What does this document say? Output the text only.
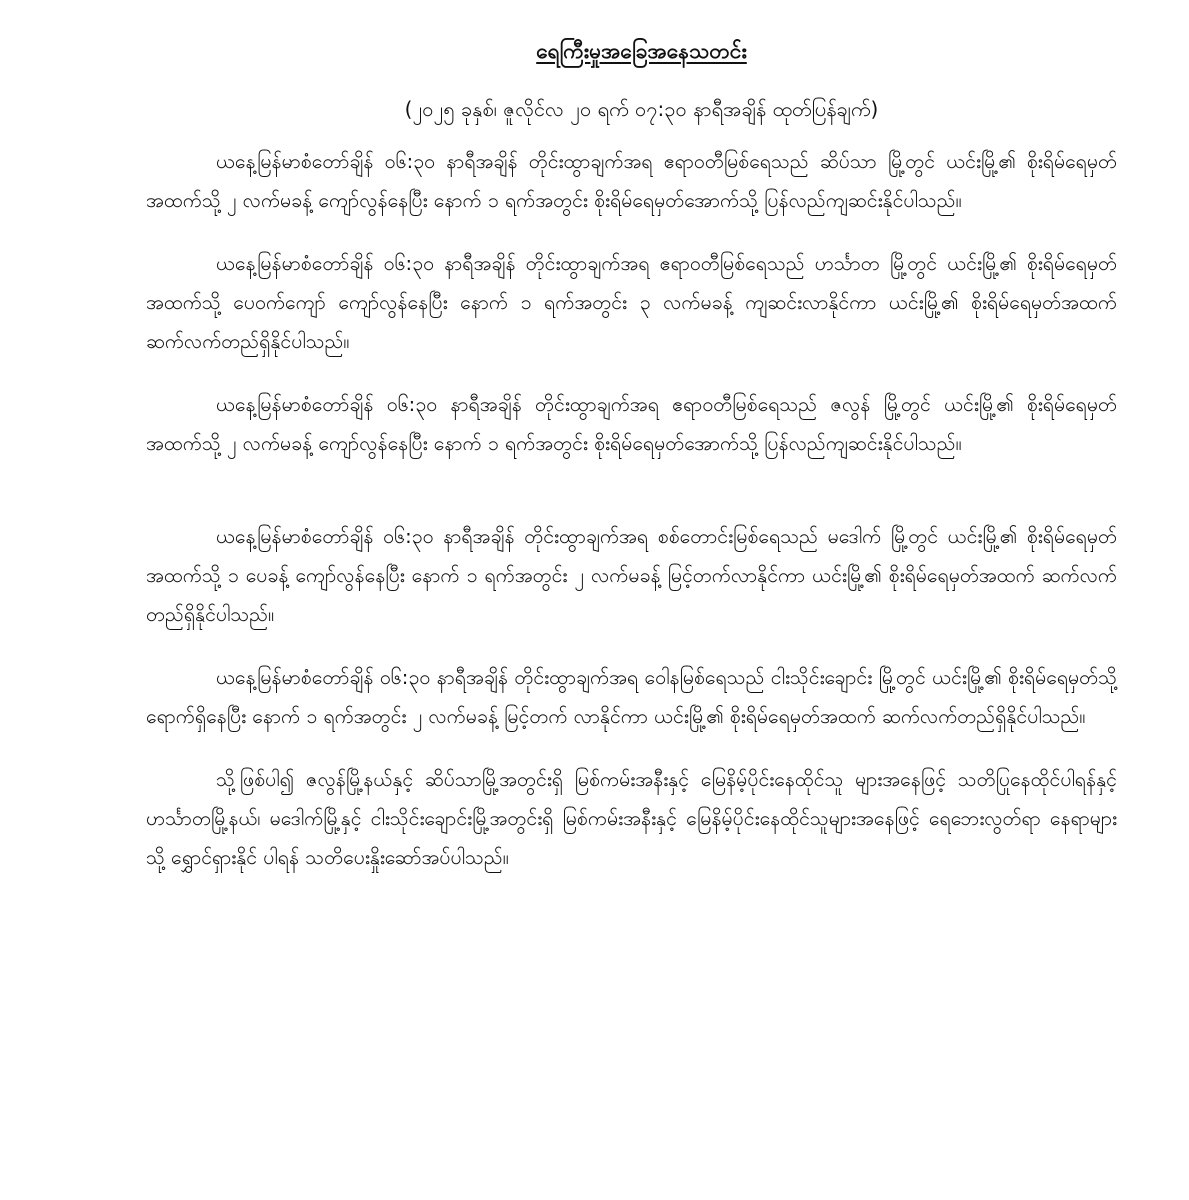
ရေကြီးမှုအခြေအနေသတင်း
(၂၀၂၅ ခုနှစ်၊ ဇူလိုင်လ ၂၀ ရက် ၀၇:၃၀ နာရီအချိန် ထုတ်ပြန်ချက်)

ယနေ့မြန်မာစံတော်ချိန် ၀၆:၃၀ နာရီအချိန် တိုင်းထွာချက်အရ ဧရာဝတီမြစ်ရေသည် ဆိပ်သာ မြို့တွင် ယင်းမြို့၏ စိုးရိမ်ရေမှတ်အထက်သို့ ၂ လက်မခန့် ကျော်လွန်နေပြီး နောက် ၁ ရက်အတွင်း စိုးရိမ်ရေမှတ်အောက်သို့ ပြန်လည်ကျဆင်းနိုင်ပါသည်။

ယနေ့မြန်မာစံတော်ချိန် ၀၆:၃၀ နာရီအချိန် တိုင်းထွာချက်အရ ဧရာဝတီမြစ်ရေသည် ဟင်္သာတ မြို့တွင် ယင်းမြို့၏ စိုးရိမ်ရေမှတ်အထက်သို့ ပေ၀က်ကျော် ကျော်လွန်နေပြီး နောက် ၁ ရက်အတွင်း ၃ လက်မခန့် ကျဆင်းလာနိုင်ကာ ယင်းမြို့၏ စိုးရိမ်ရေမှတ်အထက် ဆက်လက်တည်ရှိနိုင်ပါသည်။

ယနေ့မြန်မာစံတော်ချိန် ၀၆:၃၀ နာရီအချိန် တိုင်းထွာချက်အရ ဧရာဝတီမြစ်ရေသည် ဇလွန် မြို့တွင် ယင်းမြို့၏ စိုးရိမ်ရေမှတ်အထက်သို့ ၂ လက်မခန့် ကျော်လွန်နေပြီး နောက် ၁ ရက်အတွင်း စိုးရိမ်ရေမှတ်အောက်သို့ ပြန်လည်ကျဆင်းနိုင်ပါသည်။

ယနေ့မြန်မာစံတော်ချိန် ၀၆:၃၀ နာရီအချိန် တိုင်းထွာချက်အရ စစ်တောင်းမြစ်ရေသည် မဒေါက် မြို့တွင် ယင်းမြို့၏ စိုးရိမ်ရေမှတ်အထက်သို့ ၁ ပေခန့် ကျော်လွန်နေပြီး နောက် ၁ ရက်အတွင်း ၂ လက်မခန့် မြင့်တက်လာနိုင်ကာ ယင်းမြို့၏ စိုးရိမ်ရေမှတ်အထက် ဆက်လက်တည်ရှိနိုင်ပါသည်။

ယနေ့မြန်မာစံတော်ချိန် ၀၆:၃၀ နာရီအချိန် တိုင်းထွာချက်အရ ဝေါနမြစ်ရေသည် ငါးသိုင်းချောင်း မြို့တွင် ယင်းမြို့၏ စိုးရိမ်ရေမှတ်သို့ ရောက်ရှိနေပြီး နောက် ၁ ရက်အတွင်း ၂ လက်မခန့် မြင့်တက် လာနိုင်ကာ ယင်းမြို့၏ စိုးရိမ်ရေမှတ်အထက် ဆက်လက်တည်ရှိနိုင်ပါသည်။

သို့ဖြစ်ပါ၍ ဇလွန်မြို့နယ်နှင့် ဆိပ်သာမြို့အတွင်းရှိ မြစ်ကမ်းအနီးနှင့် မြေနိမ့်ပိုင်းနေထိုင်သူ များအနေဖြင့် သတိပြုနေထိုင်ပါရန်နှင့် ဟင်္သာတမြို့နယ်၊ မဒေါက်မြို့နှင့် ငါးသိုင်းချောင်းမြို့အတွင်းရှိ မြစ်ကမ်းအနီးနှင့် မြေနိမ့်ပိုင်းနေထိုင်သူများအနေဖြင့် ရေဘေးလွတ်ရာ နေရာများသို့ ရွှောင်ရှားနိုင် ပါရန် သတိပေးနှိုးဆော်အပ်ပါသည်။
